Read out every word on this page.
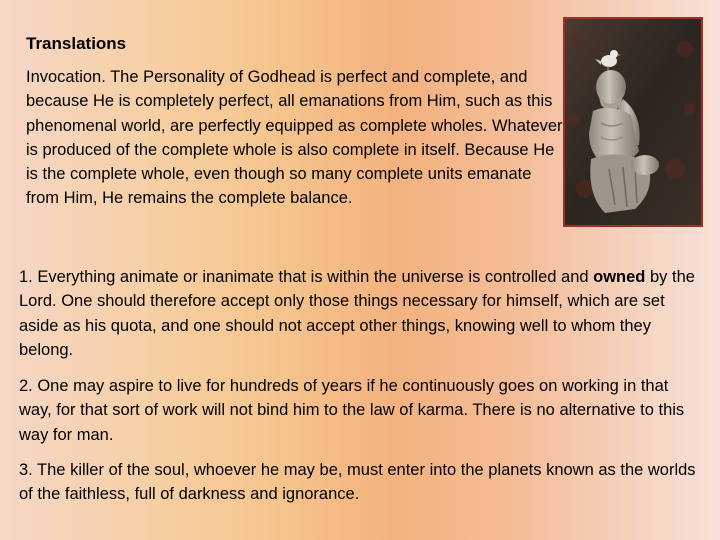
Translations

Invocation. The Personality of Godhead is perfect and complete, and because He is completely perfect, all emanations from Him, such as this phenomenal world, are perfectly equipped as complete wholes. Whatever is produced of the complete whole is also complete in itself. Because He is the complete whole, even though so many complete units emanate from Him, He remains the complete balance.

1. Everything animate or inanimate that is within the universe is controlled and owned by the Lord. One should therefore accept only those things necessary for himself, which are set aside as his quota, and one should not accept other things, knowing well to whom they belong.

2. One may aspire to live for hundreds of years if he continuously goes on working in that way, for that sort of work will not bind him to the law of karma. There is no alternative to this way for man.

3. The killer of the soul, whoever he may be, must enter into the planets known as the worlds of the faithless, full of darkness and ignorance.
